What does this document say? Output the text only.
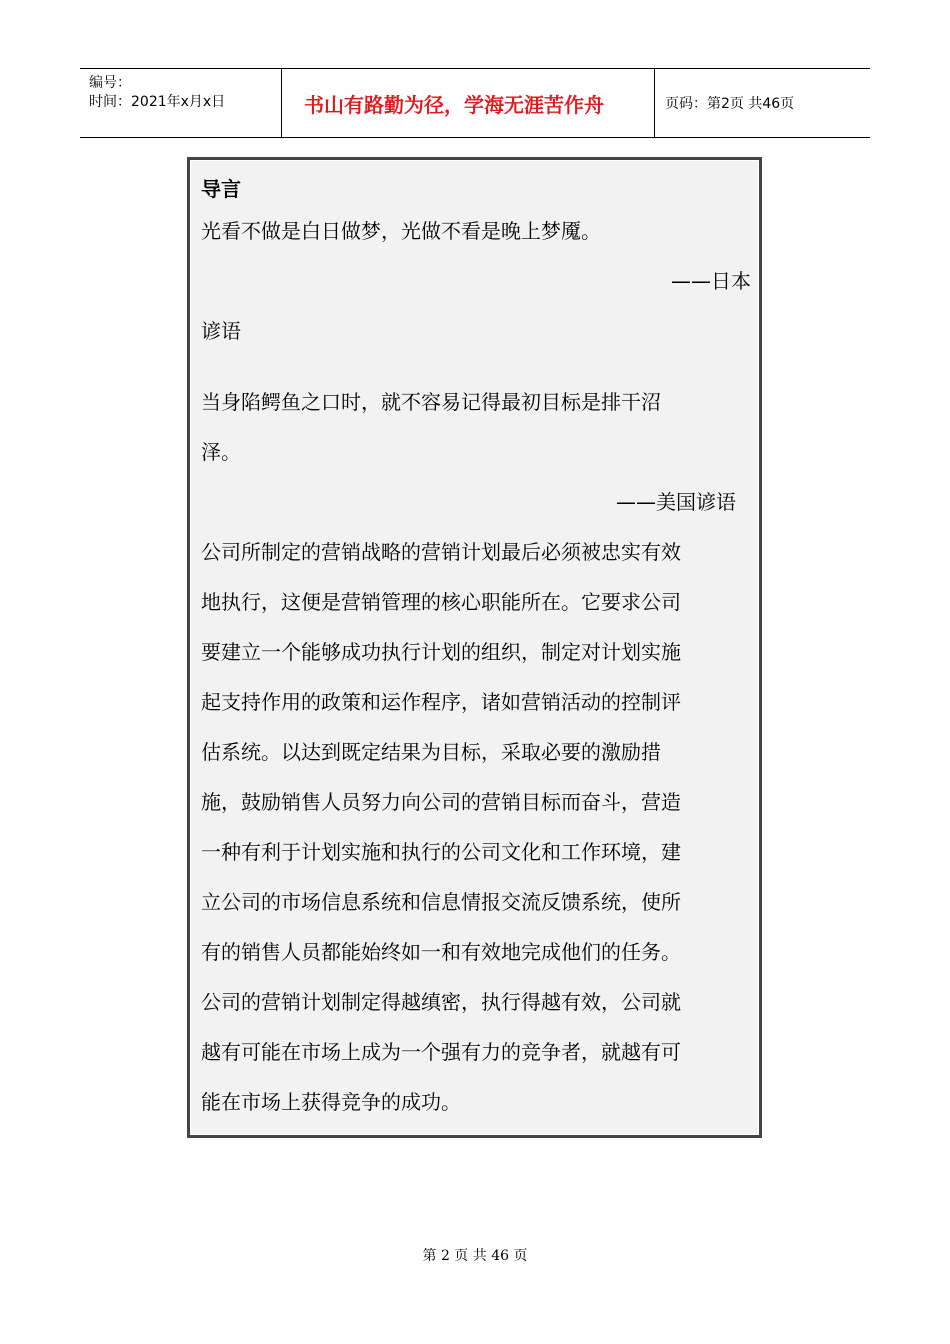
编号：
时间：2021年x月x日	书山有路勤为径，学海无涯苦作舟	页码：第2页 共46页
导言
光看不做是白日做梦，光做不看是晚上梦魇。
——日本
谚语
当身陷鳄鱼之口时，就不容易记得最初目标是排干沼
泽。
——美国谚语
公司所制定的营销战略的营销计划最后必须被忠实有效
地执行，这便是营销管理的核心职能所在。它要求公司
要建立一个能够成功执行计划的组织，制定对计划实施
起支持作用的政策和运作程序，诸如营销活动的控制评
估系统。以达到既定结果为目标，采取必要的激励措
施，鼓励销售人员努力向公司的营销目标而奋斗，营造
一种有利于计划实施和执行的公司文化和工作环境，建
立公司的市场信息系统和信息情报交流反馈系统，使所
有的销售人员都能始终如一和有效地完成他们的任务。
公司的营销计划制定得越缜密，执行得越有效，公司就
越有可能在市场上成为一个强有力的竞争者，就越有可
能在市场上获得竞争的成功。
第 2 页 共 46 页
